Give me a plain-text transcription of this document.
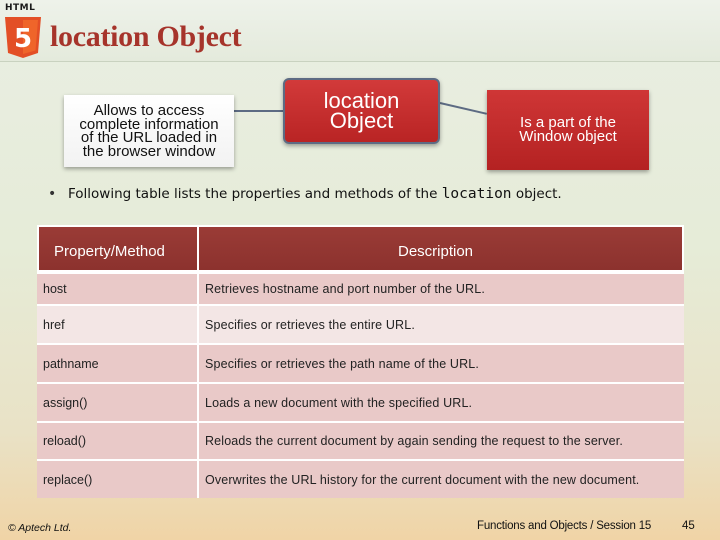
5
HTML
location Object
Allows to access complete information of the URL loaded in the browser window
location Object	Is a part of the Window object
• Following table lists the properties and methods of the location object.
Property/Method	Description
host	Retrieves hostname and port number of the URL.
href	Specifies or retrieves the entire URL.
pathname	Specifies or retrieves the path name of the URL.
assign()	Loads a new document with the specified URL.
reload()	Reloads the current document by again sending the request to the server.
replace()	Overwrites the URL history for the current document with the new document.
© Aptech Ltd.	Functions and Objects / Session 15	45
